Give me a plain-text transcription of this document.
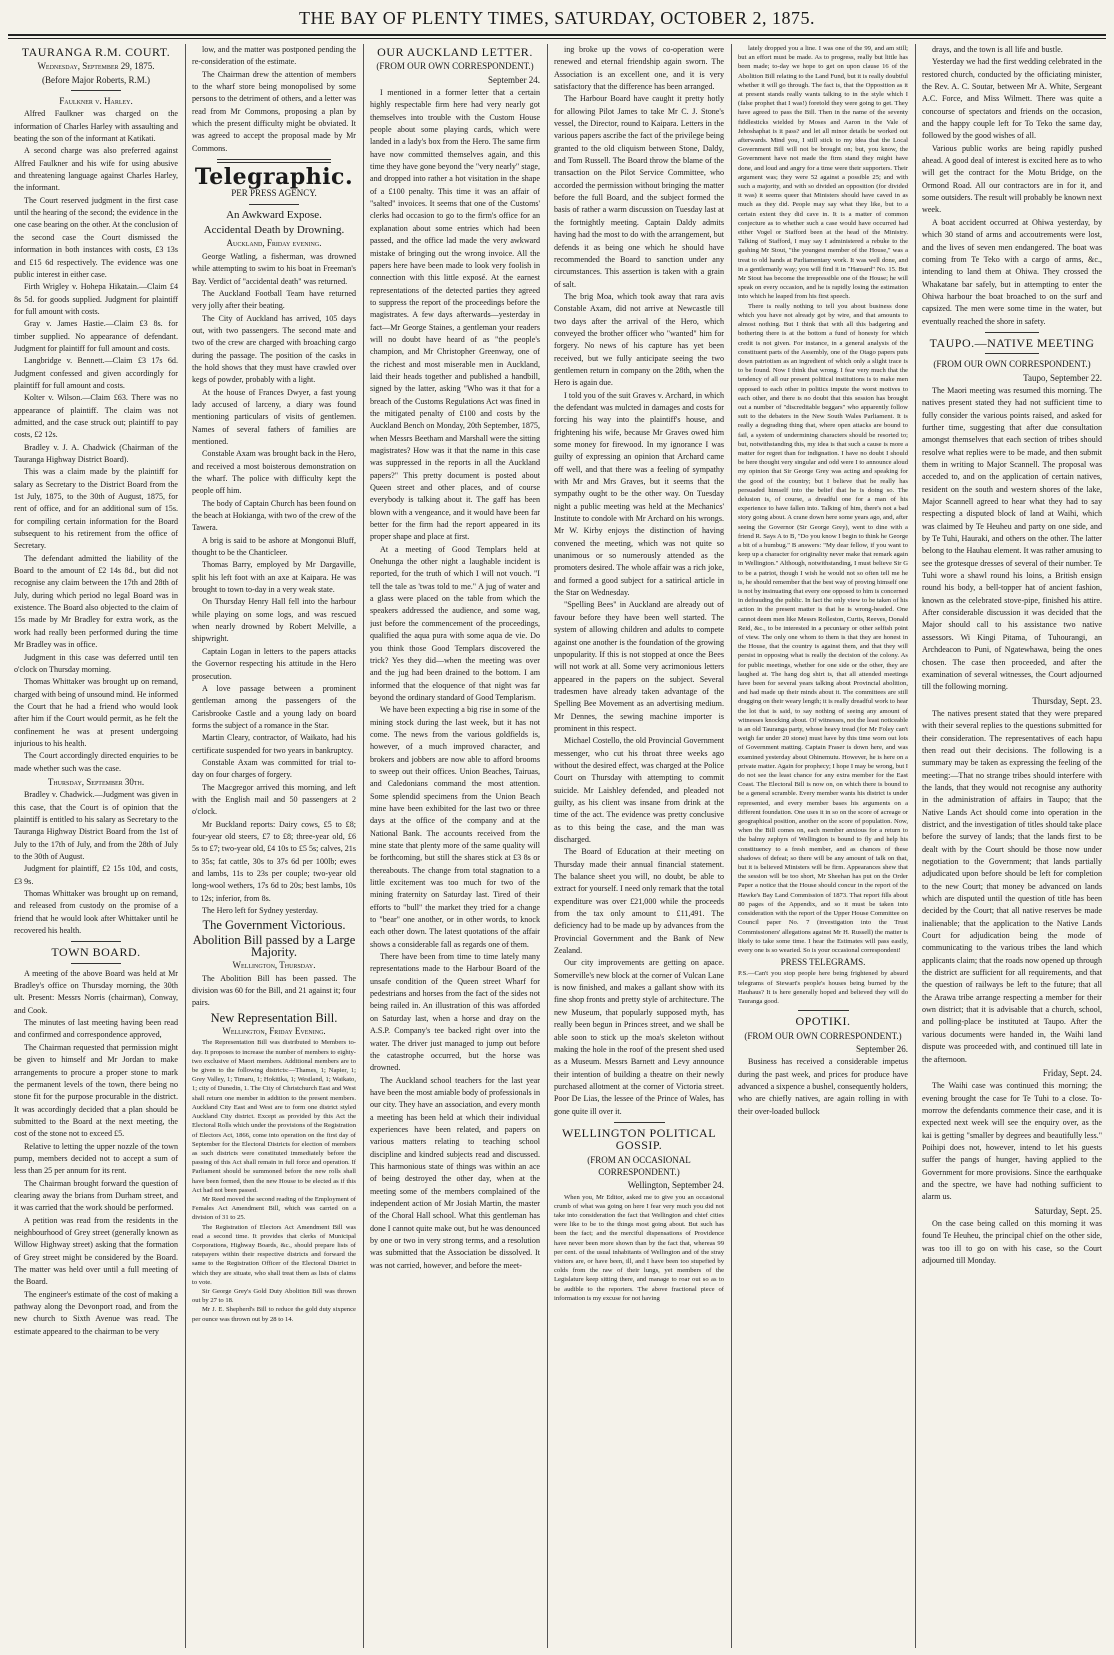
THE BAY OF PLENTY TIMES, SATURDAY, OCTOBER 2, 1875.
TAURANGA R.M. COURT.
Wednesday, September 29, 1875.
(Before Major Roberts, R.M.)
Faulkner v. Harley.

Alfred Faulkner was charged on the information of Charles Harley with assaulting and beating the son of the informant at Katikati.

A second charge was also preferred against Alfred Faulkner and his wife for using abusive and threatening language against Charles Harley, the informant.

The Court reserved judgment in the first case until the hearing of the second; the evidence in the one case bearing on the other. At the conclusion of the second case the Court dismissed the information in both instances with costs, £3 13s and £15 6d respectively. The evidence was one public interest in either case.

Firth Wrigley v. Hohepa Hikatain.—Claim £4 8s 5d. for goods supplied. Judgment for plaintiff for full amount with costs.

Gray v. James Hastie.—Claim £3 8s. for timber supplied. No appearance of defendant. Judgment for plaintiff for full amount and costs.

Langbridge v. Bennett.—Claim £3 17s 6d. Judgment confessed and given accordingly for plaintiff for full amount and costs.

Kolter v. Wilson.—Claim £63. There was no appearance of plaintiff. The claim was not admitted, and the case struck out; plaintiff to pay costs, £2 12s.

Bradley v. J. A. Chadwick (Chairman of the Tauranga Highway District Board).

This was a claim made by the plaintiff for salary as Secretary to the District Board from the 1st July, 1875, to the 30th of August, 1875, for rent of office, and for an additional sum of 15s. for compiling certain information for the Board subsequent to his retirement from the office of Secretary.

The defendant admitted the liability of the Board to the amount of £2 14s 8d., but did not recognise any claim between the 17th and 28th of July, during which period no legal Board was in existence. The Board also objected to the claim of 15s made by Mr Bradley for extra work, as the work had really been performed during the time Mr Bradley was in office.

Judgment in this case was deferred until ten o'clock on Thursday morning.

Thomas Whittaker was brought up on remand, charged with being of unsound mind. He informed the Court that he had a friend who would look after him if the Court would permit, as he felt the confinement he was at present undergoing injurious to his health.

The Court accordingly directed enquiries to be made whether such was the case.

Thursday, September 30th.

Bradley v. Chadwick.—Judgment was given in this case, that the Court is of opinion that the plaintiff is entitled to his salary as Secretary to the Tauranga Highway District Board from the 1st of July to the 17th of July, and from the 28th of July to the 30th of August.

Judgment for plaintiff, £2 15s 10d, and costs, £3 9s.

Thomas Whittaker was brought up on remand, and released from custody on the promise of a friend that he would look after Whittaker until he recovered his health.

TOWN BOARD.

A meeting of the above Board was held at Mr Bradley's office on Thursday morning, the 30th ult. Present: Messrs Norris (chairman), Conway, and Cook.

The minutes of last meeting having been read and confirmed and correspondence approved,

The Chairman requested that permission might be given to himself and Mr Jordan to make arrangements to procure a proper stone to mark the permanent levels of the town, there being no stone fit for the purpose procurable in the district. It was accordingly decided that a plan should be submitted to the Board at the next meeting, the cost of the stone not to exceed £5.

Relative to letting the upper nozzle of the town pump, members decided not to accept a sum of less than 25 per annum for its rent.

The Chairman brought forward the question of clearing away the brians from Durham street, and it was carried that the work should be performed.

A petition was read from the residents in the neighbourhood of Grey street (generally known as Willow Highway street) asking that the formation of Grey street might be considered by the Board. The matter was held over until a full meeting of the Board.

The engineer's estimate of the cost of making a pathway along the Devonport road, and from the new church to Sixth Avenue was read. The estimate appeared to the chairman to be very

low, and the matter was postponed pending the re-consideration of the estimate.

The Chairman drew the attention of members to the wharf store being monopolised by some persons to the detriment of others, and a letter was read from Mr Commons, proposing a plan by which the present difficulty might be obviated. It was agreed to accept the proposal made by Mr Commons.

Telegraphic.
PER PRESS AGENCY.
An Awkward Expose.
Accidental Death by Drowning.
Auckland, Friday evening.

George Watling, a fisherman, was drowned while attempting to swim to his boat in Freeman's Bay. Verdict of "accidental death" was returned.

The Auckland Football Team have returned very jolly after their beating.

The City of Auckland has arrived, 105 days out, with two passengers. The second mate and two of the crew are charged with broaching cargo during the passage. The position of the casks in the hold shows that they must have crawled over kegs of powder, probably with a light.

At the house of Frances Dwyer, a fast young lady accused of larceny, a diary was found mentioning particulars of visits of gentlemen. Names of several fathers of families are mentioned.

Constable Axam was brought back in the Hero, and received a most boisterous demonstration on the wharf. The police with difficulty kept the people off him.

The body of Captain Church has been found on the beach at Hokianga, with two of the crew of the Tawera.

A brig is said to be ashore at Mongonui Bluff, thought to be the Chanticleer.

Thomas Barry, employed by Mr Dargaville, split his left foot with an axe at Kaipara. He was brought to town to-day in a very weak state.

On Thursday Henry Hall fell into the harbour while playing on some logs, and was rescued when nearly drowned by Robert Melville, a shipwright.

Captain Logan in letters to the papers attacks the Governor respecting his attitude in the Hero prosecution.

A love passage between a prominent gentleman among the passengers of the Carisbrooke Castle and a young lady on board forms the subject of a romance in the Star.

Martin Cleary, contractor, of Waikato, had his certificate suspended for two years in bankruptcy.

Constable Axam was committed for trial to-day on four charges of forgery.

The Macgregor arrived this morning, and left with the English mail and 50 passengers at 2 o'clock.

Mr Buckland reports: Dairy cows, £5 to £8; four-year old steers, £7 to £8; three-year old, £6 5s to £7; two-year old, £4 10s to £5 5s; calves, 21s to 35s; fat cattle, 30s to 37s 6d per 100lb; ewes and lambs, 11s to 23s per couple; two-year old long-wool wethers, 17s 6d to 20s; best lambs, 10s to 12s; inferior, from 8s.

The Hero left for Sydney yesterday.

The Government Victorious.
Abolition Bill passed by a Large Majority.
Wellington, Thursday.

The Abolition Bill has been passed. The division was 60 for the Bill, and 21 against it; four pairs.

New Representation Bill.
Wellington, Friday Evening.

The Representation Bill was distributed to Members to-day. It proposes to increase the number of members to eighty-two exclusive of Maori members. Additional members are to be given to the following districts:—Thames, 1; Napier, 1; Grey Valley, 1; Timaru, 1; Hokitika, 1; Westland, 1; Waikato, 1; city of Dunedin, 1. The City of Christchurch East and West shall return one member in addition to the present members. Auckland City East and West are to form one district styled Auckland City district. Except as provided by this Act the Electoral Rolls which under the provisions of the Registration of Electors Act, 1866, come into operation on the first day of September for the Electoral Districts for election of members as such districts were constituted immediately before the passing of this Act shall remain in full force and operation. If Parliament should be summoned before the new rolls shall have been formed, then the new House to be elected as if this Act had not been passed.

Mr Reed moved the second reading of the Employment of Females Act Amendment Bill, which was carried on a division of 31 to 25.

The Registration of Electors Act Amendment Bill was read a second time. It provides that clerks of Municipal Corporations, Highway Boards, &c., should prepare lists of ratepayers within their respective districts and forward the same to the Registration Officer of the Electoral District in which they are situate, who shall treat them as lists of claims to vote.

Sir George Grey's Gold Duty Abolition Bill was thrown out by 27 to 18.

Mr J. E. Shepherd's Bill to reduce the gold duty sixpence per ounce was thrown out by 28 to 14.

OUR AUCKLAND LETTER.
(FROM OUR OWN CORRESPONDENT.)
September 24.

I mentioned in a former letter that a certain highly respectable firm here had very nearly got themselves into trouble with the Custom House people about some playing cards, which were landed in a lady's box from the Hero. The same firm have now committed themselves again, and this time they have gone beyond the "very nearly" stage, and dropped into rather a hot visitation in the shape of a £100 penalty. This time it was an affair of "salted" invoices. It seems that one of the Customs' clerks had occasion to go to the firm's office for an explanation about some entries which had been passed, and the office lad made the very awkward mistake of bringing out the wrong invoice. All the papers here have been made to look very foolish in connection with this little exposé. At the earnest representations of the detected parties they agreed to suppress the report of the proceedings before the magistrates. A few days afterwards—yesterday in fact—Mr George Staines, a gentleman your readers will no doubt have heard of as "the people's champion, and Mr Christopher Greenway, one of the richest and most miserable men in Auckland, laid their heads together and published a handbill, signed by the latter, asking "Who was it that for a breach of the Customs Regulations Act was fined in the mitigated penalty of £100 and costs by the Auckland Bench on Monday, 20th September, 1875, when Messrs Beetham and Marshall were the sitting magistrates? How was it that the name in this case was suppressed in the reports in all the Auckland papers?" This pretty document is posted about Queen street and other places, and of course everybody is talking about it. The gaff has been blown with a vengeance, and it would have been far better for the firm had the report appeared in its proper shape and place at first.

At a meeting of Good Templars held at Onehunga the other night a laughable incident is reported, for the truth of which I will not vouch. "I tell the tale as 'twas told to me." A jug of water and a glass were placed on the table from which the speakers addressed the audience, and some wag, just before the commencement of the proceedings, qualified the aqua pura with some aqua de vie. Do you think those Good Templars discovered the trick? Yes they did—when the meeting was over and the jug had been drained to the bottom. I am informed that the eloquence of that night was far beyond the ordinary standard of Good Templarism.

We have been expecting a big rise in some of the mining stock during the last week, but it has not come. The news from the various goldfields is, however, of a much improved character, and brokers and jobbers are now able to afford brooms to sweep out their offices. Union Beaches, Tairuas, and Caledonians command the most attention. Some splendid specimens from the Union Beach mine have been exhibited for the last two or three days at the office of the company and at the National Bank. The accounts received from the mine state that plenty more of the same quality will be forthcoming, but still the shares stick at £3 8s or thereabouts. The change from total stagnation to a little excitement was too much for two of the mining fraternity on Saturday last. Tired of their efforts to "bull" the market they tried for a change to "bear" one another, or in other words, to knock each other down. The latest quotations of the affair shows a considerable fall as regards one of them.

There have been from time to time lately many representations made to the Harbour Board of the unsafe condition of the Queen street Wharf for pedestrians and horses from the fact of the sides not being railed in. An illustration of this was afforded on Saturday last, when a horse and dray on the A.S.P. Company's tee backed right over into the water. The driver just managed to jump out before the catastrophe occurred, but the horse was drowned.

The Auckland school teachers for the last year have been the most amiable body of professionals in our city. They have an association, and every month a meeting has been held at which their individual experiences have been related, and papers on various matters relating to teaching school discipline and kindred subjects read and discussed. This harmonious state of things was within an ace of being destroyed the other day, when at the meeting some of the members complained of the independent action of Mr Josiah Martin, the master of the Choral Hall school. What this gentleman has done I cannot quite make out, but he was denounced by one or two in very strong terms, and a resolution was submitted that the Association be dissolved. It was not carried, however, and before the meet-

ing broke up the vows of co-operation were renewed and eternal friendship again sworn. The Association is an excellent one, and it is very satisfactory that the difference has been arranged.

The Harbour Board have caught it pretty hotly for allowing Pilot James to take Mr C. J. Stone's vessel, the Director, round to Kaipara. Letters in the various papers ascribe the fact of the privilege being granted to the old cliquism between Stone, Daldy, and Tom Russell. The Board throw the blame of the transaction on the Pilot Service Committee, who accorded the permission without bringing the matter before the full Board, and the subject formed the basis of rather a warm discussion on Tuesday last at the fortnightly meeting. Captain Daldy admits having had the most to do with the arrangement, but defends it as being one which he should have recommended the Board to sanction under any circumstances. This assertion is taken with a grain of salt.

The brig Moa, which took away that rara avis Constable Axam, did not arrive at Newcastle till two days after the arrival of the Hero, which conveyed the brother officer who "wanted" him for forgery. No news of his capture has yet been received, but we fully anticipate seeing the two gentlemen return in company on the 28th, when the Hero is again due.

I told you of the suit Graves v. Archard, in which the defendant was mulcted in damages and costs for forcing his way into the plaintiff's house, and frightening his wife, because Mr Graves owed him some money for firewood. In my ignorance I was guilty of expressing an opinion that Archard came off well, and that there was a feeling of sympathy with Mr and Mrs Graves, but it seems that the sympathy ought to be the other way. On Tuesday night a public meeting was held at the Mechanics' Institute to condole with Mr Archard on his wrongs. Mr W. Kirby enjoys the distinction of having convened the meeting, which was not quite so unanimous or so numerously attended as the promoters desired. The whole affair was a rich joke, and formed a good subject for a satirical article in the Star on Wednesday.

"Spelling Bees" in Auckland are already out of favour before they have been well started. The system of allowing children and adults to compete against one another is the foundation of the growing unpopularity. If this is not stopped at once the Bees will not work at all. Some very acrimonious letters appeared in the papers on the subject. Several tradesmen have already taken advantage of the Spelling Bee Movement as an advertising medium. Mr Dennes, the sewing machine importer is prominent in this respect.

Michael Costello, the old Provincial Government messenger, who cut his throat three weeks ago without the desired effect, was charged at the Police Court on Thursday with attempting to commit suicide. Mr Laishley defended, and pleaded not guilty, as his client was insane from drink at the time of the act. The evidence was pretty conclusive as to this being the case, and the man was discharged.

The Board of Education at their meeting on Thursday made their annual financial statement. The balance sheet you will, no doubt, be able to extract for yourself. I need only remark that the total expenditure was over £21,000 while the proceeds from the tax only amount to £11,491. The deficiency had to be made up by advances from the Provincial Government and the Bank of New Zealand.

Our city improvements are getting on apace. Somerville's new block at the corner of Vulcan Lane is now finished, and makes a gallant show with its fine shop fronts and pretty style of architecture. The new Museum, that popularly supposed myth, has really been begun in Princes street, and we shall be able soon to stick up the moa's skeleton without making the hole in the roof of the present shed used as a Museum. Messrs Barnett and Levy announce their intention of building a theatre on their newly purchased allotment at the corner of Victoria street. Poor De Lias, the lessee of the Prince of Wales, has gone quite ill over it.

WELLINGTON POLITICAL GOSSIP.
(FROM AN OCCASIONAL CORRESPONDENT.)
Wellington, September 24.

When you, Mr Editor, asked me to give you an occasional crumb of what was going on here I fear very much you did not take into consideration the fact that Wellington and chief cities were like to be to the things most going about. But such has been the fact; and the merciful dispensations of Providence have never been more shown than by the fact that, whereas 99 per cent. of the usual inhabitants of Wellington and of the stray visitors are, or have been, ill, and I have been too stupefied by colds from the raw of their lungs, yet members of the Legislature keep sitting there, and manage to roar out so as to be audible to the reporters. The above fractional piece of information is my excuse for not having

lately dropped you a line. I was one of the 99, and am still; but an effort must be made. As to progress, really but little has been made; to-day we hope to get on upon clause 16 of the Abolition Bill relating to the Land Fund, but it is really doubtful whether it will go through. The fact is, that the Opposition as it at present stands really wants talking to in the style which I (false prophet that I was!) foretold they were going to get. They have agreed to pass the Bill. Then in the name of the seventy fiddlesticks wielded by Moses and Aaron in the Vale of Jehoshaphat is it pass? and let all minor details be worked out afterwards. Mind you, I still stick to my idea that the Local Government Bill will not be brought on; but, you know, the Government have not made the firm stand they might have done, and loud and angry for a time were their supporters. Their argument was; they were 52 against a possible 25; and with such a majority, and with so divided an opposition (for divided it was) it seems queer that Ministers should have caved in as much as they did. People may say what they like, but to a certain extent they did cave in. It is a matter of common conjecture as to whether such a case would have occurred had either Vogel or Stafford been at the head of the Ministry. Talking of Stafford, I may say I administered a rebuke to the gushing Mr Stout, "the youngest member of the House," was a treat to old hands at Parliamentary work. It was well done, and in a gentlemanly way; you will find it in "Hansard" No. 15. But Mr Stout has become the irrepressible one of the House; he will speak on every occasion, and he is rapidly losing the estimation into which he leaped from his first speech.

There is really nothing to tell you about business done which you have not already got by wire, and that amounts to almost nothing. But I think that with all this badgering and bothering there is at the bottom a fund of honesty for which credit is not given. For instance, in a general analysis of the constituent parts of the Assembly, one of the Otago papers puts down patriotism as an ingredient of which only a slight trace is to be found. Now I think that wrong. I fear very much that the tendency of all our present political institutions is to make men opposed to each other in politics impute the worst motives to each other, and there is no doubt that this session has brought out a number of "discreditable beggars" who apparently follow suit to the debaters in the New South Wales Parliament. It is really a degrading thing that, where open attacks are bound to fail, a system of undermining characters should be resorted to; but, notwithstanding this, my idea is that such a cause is more a matter for regret than for indignation. I have no doubt I should be here thought very singular and odd were I to announce aloud my opinion that Sir George Grey was acting and speaking for the good of the country; but I believe that he really has persuaded himself into the belief that he is doing so. The delusion is, of course, a dreadful one for a man of his experience to have fallen into. Talking of him, there's not a bad story going about. A crane down here some years ago, and, after seeing the Governor (Sir George Grey), went to dine with a friend R. Says A to B, "Do you know I begin to think he George a bit of a humbug." B answers: "My dear fellow, if you want to keep up a character for originality never make that remark again in Wellington." Although, notwithstanding, I must believe Sir G to be a patriot, though I wish he would not so often tell me he is, he should remember that the best way of proving himself one is not by insinuating that every one opposed to him is concerned in defrauding the public. In fact the only view to be taken of his action in the present matter is that he is wrong-headed. One cannot deem men like Messrs Rolleston, Curtis, Reeves, Donald Reid, &c., to be interested in a pecuniary or other selfish point of view. The only one whom to them is that they are honest in the House, that the country is against them, and that they will persist in opposing what is really the decision of the colony. As for public meetings, whether for one side or the other, they are laughed at. The hang dog shirt is, that all attended meetings have been for several years talking about Provincial abolition, and had made up their minds about it. The committees are still dragging on their weary length; it is really dreadful work to hear the lot that is said, to say nothing of seeing any amount of witnesses knocking about. Of witnesses, not the least noticeable is an old Tauranga party, whose heavy tread (for Mr Foley can't weigh far under 20 stone) must have by this time worn out lots of Government matting. Captain Fraser is down here, and was examined yesterday about Ohinemutu. However, he is here on a private matter. Again for prophecy; I hope I may be wrong, but I do not see the least chance for any extra member for the East Coast. The Electoral Bill is now on, on which there is bound to be a general scramble. Every member wants his district is under represented, and every member bases his arguments on a different foundation. One uses it in so on the score of acreage or geographical position, another on the score of population. Now, when the Bill comes on, each member anxious for a return to the balmy zephyrs of Wellington is bound to fly and help his constituency to a fresh member, and as chances of these shadows of defeat; so there will be any amount of talk on that, but it is believed Ministers will be firm. Appearances shew that the session will be too short, Mr Sheehan has put on the Order Paper a notice that the House should concur in the report of the Hawke's Bay Land Commission of 1873. That report fills about 80 pages of the Appendix, and so it must be taken into consideration with the report of the Upper House Committee on Council paper No. 7 (investigation into the Trust Commissioners' allegations against Mr H. Russell) the matter is likely to take some time. I hear the Estimates will pass easily, every one is so wearied. So is your occasional correspondent!

PRESS TELEGRAMS.
P.S.—Can't you stop people here being frightened by absurd telegrams of Stewart's people's houses being burned by the Hauhaus? It is here generally hoped and believed they will do Tauranga good.
OPOTIKI.
(FROM OUR OWN CORRESPONDENT.)
September 26.

Business has received a considerable impetus during the past week, and prices for produce have advanced a sixpence a bushel, consequently holders, who are chiefly natives, are again rolling in with their over-loaded bullock

drays, and the town is all life and bustle.

Yesterday we had the first wedding celebrated in the restored church, conducted by the officiating minister, the Rev. A. C. Soutar, between Mr A. White, Sergeant A.C. Force, and Miss Wilmett. There was quite a concourse of spectators and friends on the occasion, and the happy couple left for To Teko the same day, followed by the good wishes of all.

Various public works are being rapidly pushed ahead. A good deal of interest is excited here as to who will get the contract for the Motu Bridge, on the Ormond Road. All our contractors are in for it, and some outsiders. The result will probably be known next week.

A boat accident occurred at Ohiwa yesterday, by which 30 stand of arms and accoutrements were lost, and the lives of seven men endangered. The boat was coming from Te Teko with a cargo of arms, &c., intending to land them at Ohiwa. They crossed the Whakatane bar safely, but in attempting to enter the Ohiwa harbour the boat broached to on the surf and capsized. The men were some time in the water, but eventually reached the shore in safety.

TAUPO.—NATIVE MEETING
(FROM OUR OWN CORRESPONDENT.)
Taupo, September 22.

The Maori meeting was resumed this morning. The natives present stated they had not sufficient time to fully consider the various points raised, and asked for further time, suggesting that after due consultation amongst themselves that each section of tribes should resolve what replies were to be made, and then submit them in writing to Major Scannell. The proposal was acceded to, and on the application of certain natives, resident on the south and western shores of the lake, Major Scannell agreed to hear what they had to say respecting a disputed block of land at Waihi, which was claimed by Te Heuheu and party on one side, and by Te Tuhi, Hauraki, and others on the other. The latter belong to the Hauhau element. It was rather amusing to see the grotesque dresses of several of their number. Te Tuhi wore a shawl round his loins, a British ensign round his body, a bell-topper hat of ancient fashion, known as the celebrated stove-pipe, finished his attire. After considerable discussion it was decided that the Major should call to his assistance two native assessors. Wi Kingi Pitama, of Tuhourangi, an Archdeacon to Puni, of Ngatewhawa, being the ones chosen. The case then proceeded, and after the examination of several witnesses, the Court adjourned till the following morning.

Thursday, Sept. 23.

The natives present stated that they were prepared with their several replies to the questions submitted for their consideration. The representatives of each hapu then read out their decisions. The following is a summary may be taken as expressing the feeling of the meeting:—That no strange tribes should interfere with the lands, that they would not recognise any authority in the administration of affairs in Taupo; that the Native Lands Act should come into operation in the district, and the investigation of titles should take place before the survey of lands; that the lands first to be dealt with by the Court should be those now under negotiation to the Government; that lands partially adjudicated upon before should be left for completion to the new Court; that money be advanced on lands which are disputed until the question of title has been decided by the Court; that all native reserves be made inalienable; that the application to the Native Lands Court for adjudication being the mode of communicating to the various tribes the land which applicants claim; that the roads now opened up through the district are sufficient for all requirements, and that the question of railways be left to the future; that all the Arawa tribe arrange respecting a member for their own district; that it is advisable that a church, school, and polling-place be instituted at Taupo. After the various documents were handed in, the Waihi land dispute was proceeded with, and continued till late in the afternoon.

Friday, Sept. 24.

The Waihi case was continued this morning; the evening brought the case for Te Tuhi to a close. To-morrow the defendants commence their case, and it is expected next week will see the enquiry over, as the kai is getting "smaller by degrees and beautifully less." Poihipi does not, however, intend to let his guests suffer the pangs of hunger, having applied to the Government for more provisions. Since the earthquake and the spectre, we have had nothing sufficient to alarm us.

Saturday, Sept. 25.

On the case being called on this morning it was found Te Heuheu, the principal chief on the other side, was too ill to go on with his case, so the Court adjourned till Monday.
